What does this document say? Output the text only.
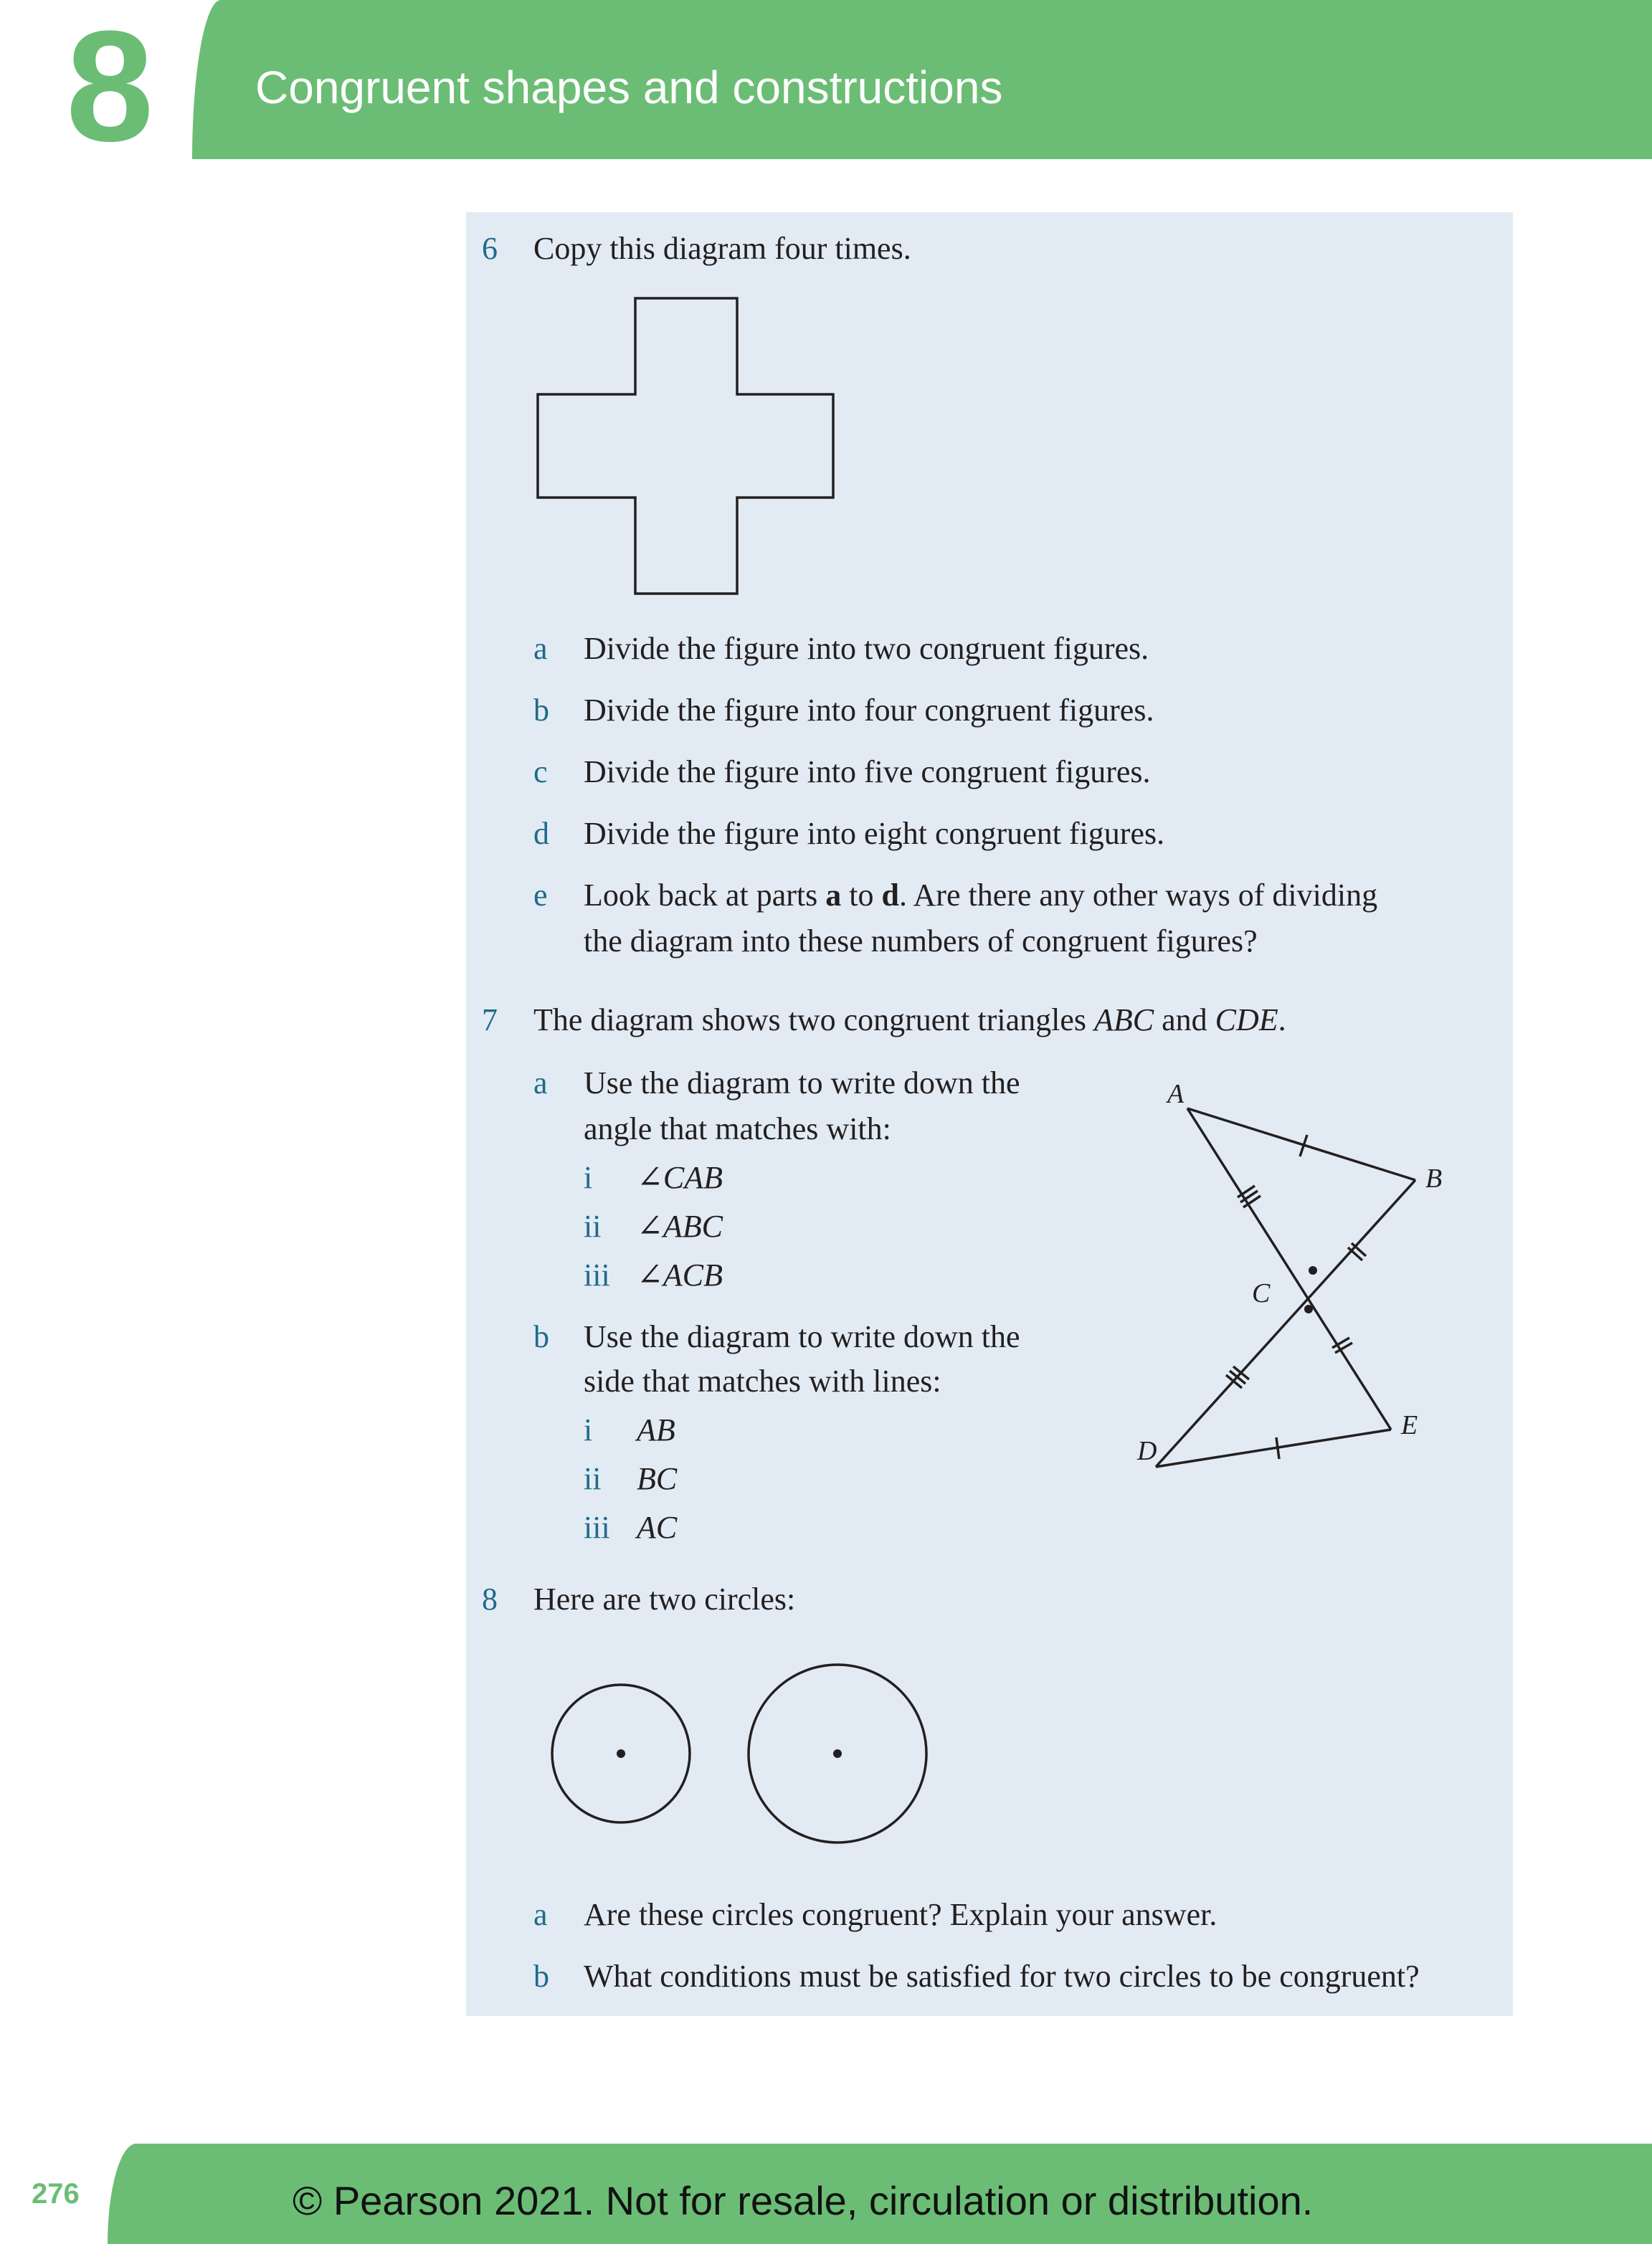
8 Congruent shapes and constructions
6 Copy this diagram four times.
a Divide the figure into two congruent figures.
b Divide the figure into four congruent figures.
c Divide the figure into five congruent figures.
d Divide the figure into eight congruent figures.
e Look back at parts a to d. Are there any other ways of dividing
the diagram into these numbers of congruent figures?
7 The diagram shows two congruent triangles ABC and CDE.
a Use the diagram to write down the
angle that matches with:
i ∠CAB
ii ∠ABC
iii ∠ACB
b Use the diagram to write down the
side that matches with lines:
i AB
ii BC
iii AC
A
B
C
D
E
8 Here are two circles:
a Are these circles congruent? Explain your answer.
b What conditions must be satisfied for two circles to be congruent?
276	© Pearson 2021. Not for resale, circulation or distribution.
